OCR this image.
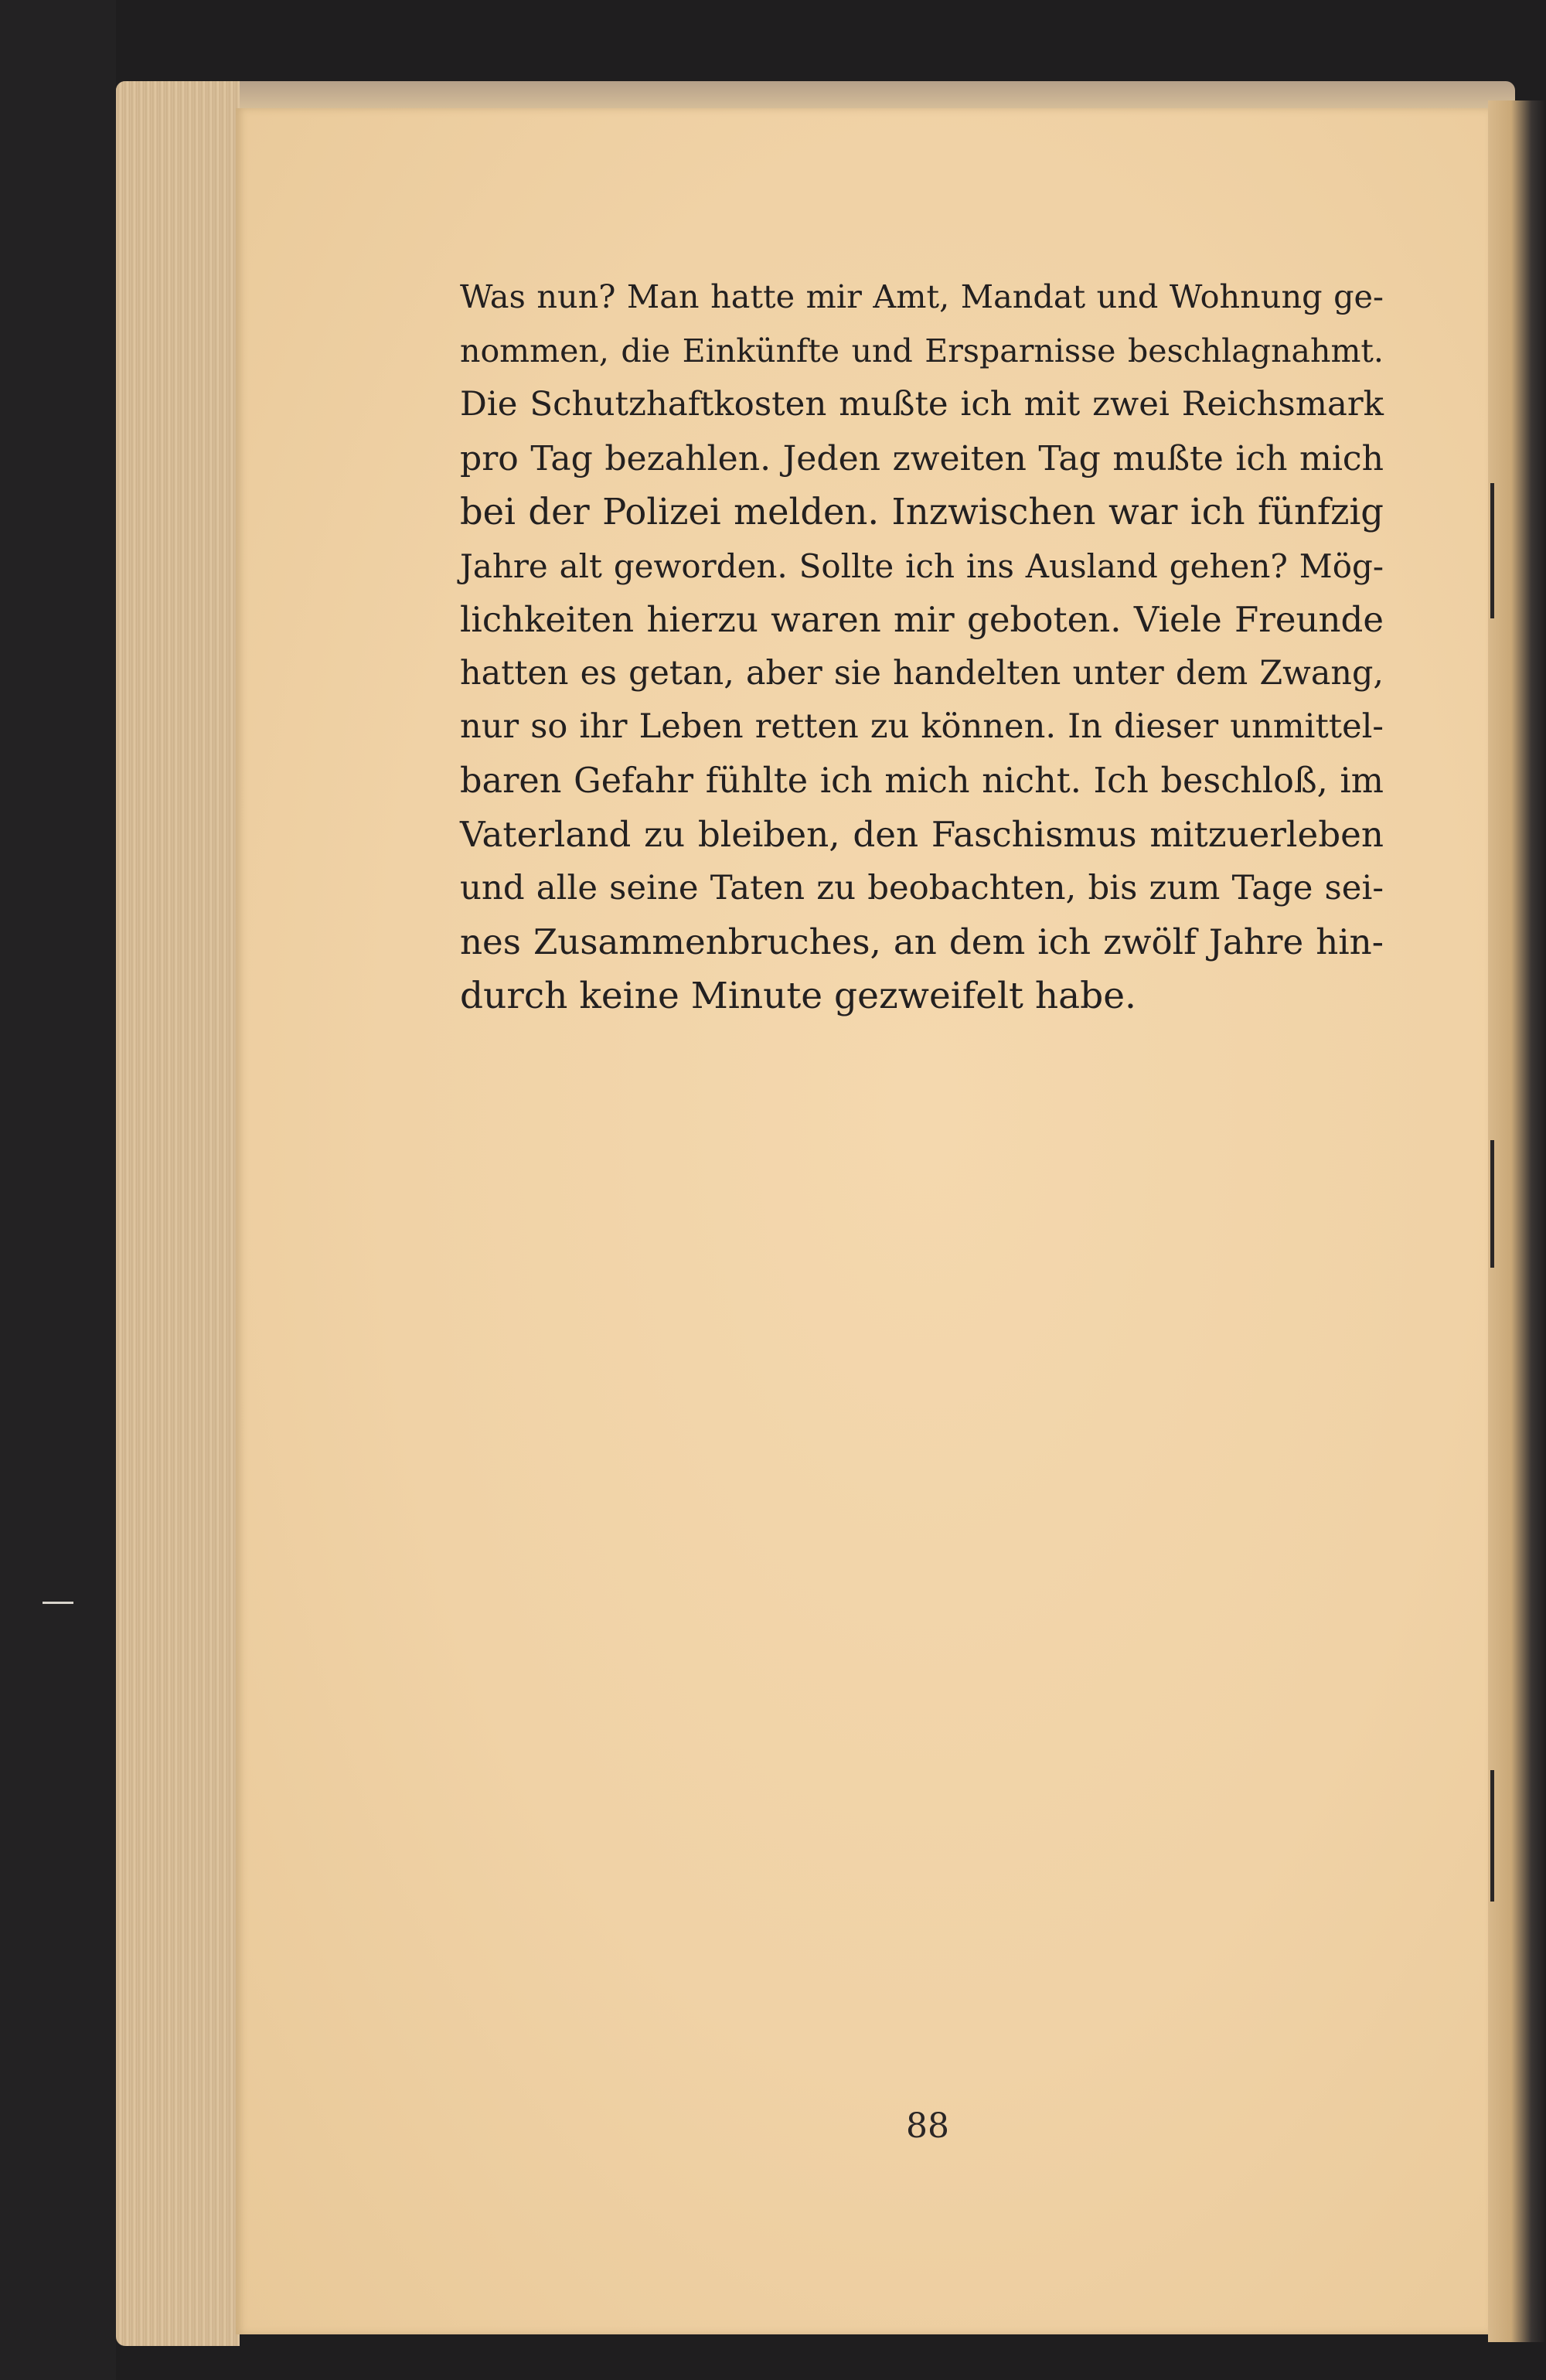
Was nun? Man hatte mir Amt, Mandat und Wohnung ge-
nommen, die Einkünfte und Ersparnisse beschlagnahmt.
Die Schutzhaftkosten mußte ich mit zwei Reichsmark
pro Tag bezahlen. Jeden zweiten Tag mußte ich mich
bei der Polizei melden. Inzwischen war ich fünfzig
Jahre alt geworden. Sollte ich ins Ausland gehen? Mög-
lichkeiten hierzu waren mir geboten. Viele Freunde
hatten es getan, aber sie handelten unter dem Zwang,
nur so ihr Leben retten zu können. In dieser unmittel-
baren Gefahr fühlte ich mich nicht. Ich beschloß, im
Vaterland zu bleiben, den Faschismus mitzuerleben
und alle seine Taten zu beobachten, bis zum Tage sei-
nes Zusammenbruches, an dem ich zwölf Jahre hin-
durch keine Minute gezweifelt habe.
88
